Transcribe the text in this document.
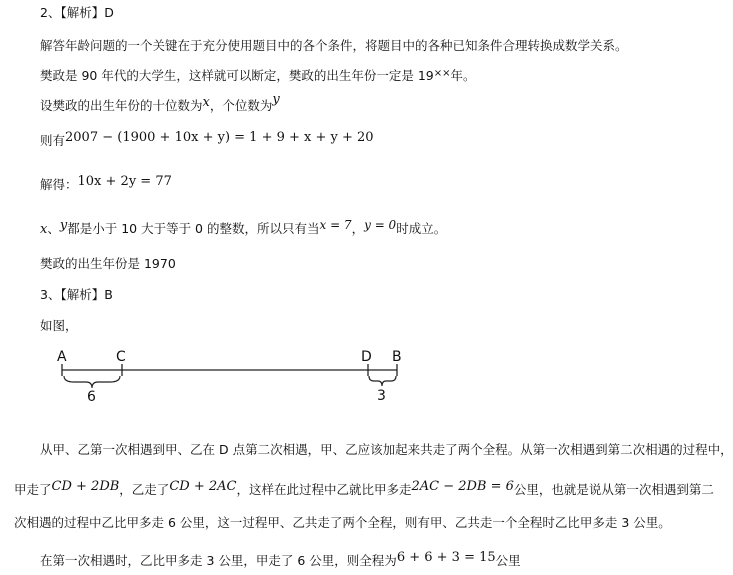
2、【解析】D
解答年龄问题的一个关键在于充分使用题目中的各个条件，将题目中的各种已知条件合理转换成数学关系。
樊政是 90 年代的大学生，这样就可以断定，樊政的出生年份一定是 19××年。
设樊政的出生年份的十位数为x，个位数为y
则有2007 − (1900 + 10x + y) = 1 + 9 + x + y + 20
解得：10x + 2y = 77
x、y都是小于 10 大于等于 0 的整数，所以只有当x = 7，y = 0时成立。
樊政的出生年份是 1970
3、【解析】B
如图，
A	C	D B
6	3
从甲、乙第一次相遇到甲、乙在 D 点第二次相遇，甲、乙应该加起来共走了两个全程。从第一次相遇到第二次相遇的过程中，
甲走了CD + 2DB，乙走了CD + 2AC，这样在此过程中乙就比甲多走2AC − 2DB = 6公里，也就是说从第一次相遇到第二
次相遇的过程中乙比甲多走 6 公里，这一过程甲、乙共走了两个全程，则有甲、乙共走一个全程时乙比甲多走 3 公里。
在第一次相遇时，乙比甲多走 3 公里，甲走了 6 公里，则全程为6 + 6 + 3 = 15公里
